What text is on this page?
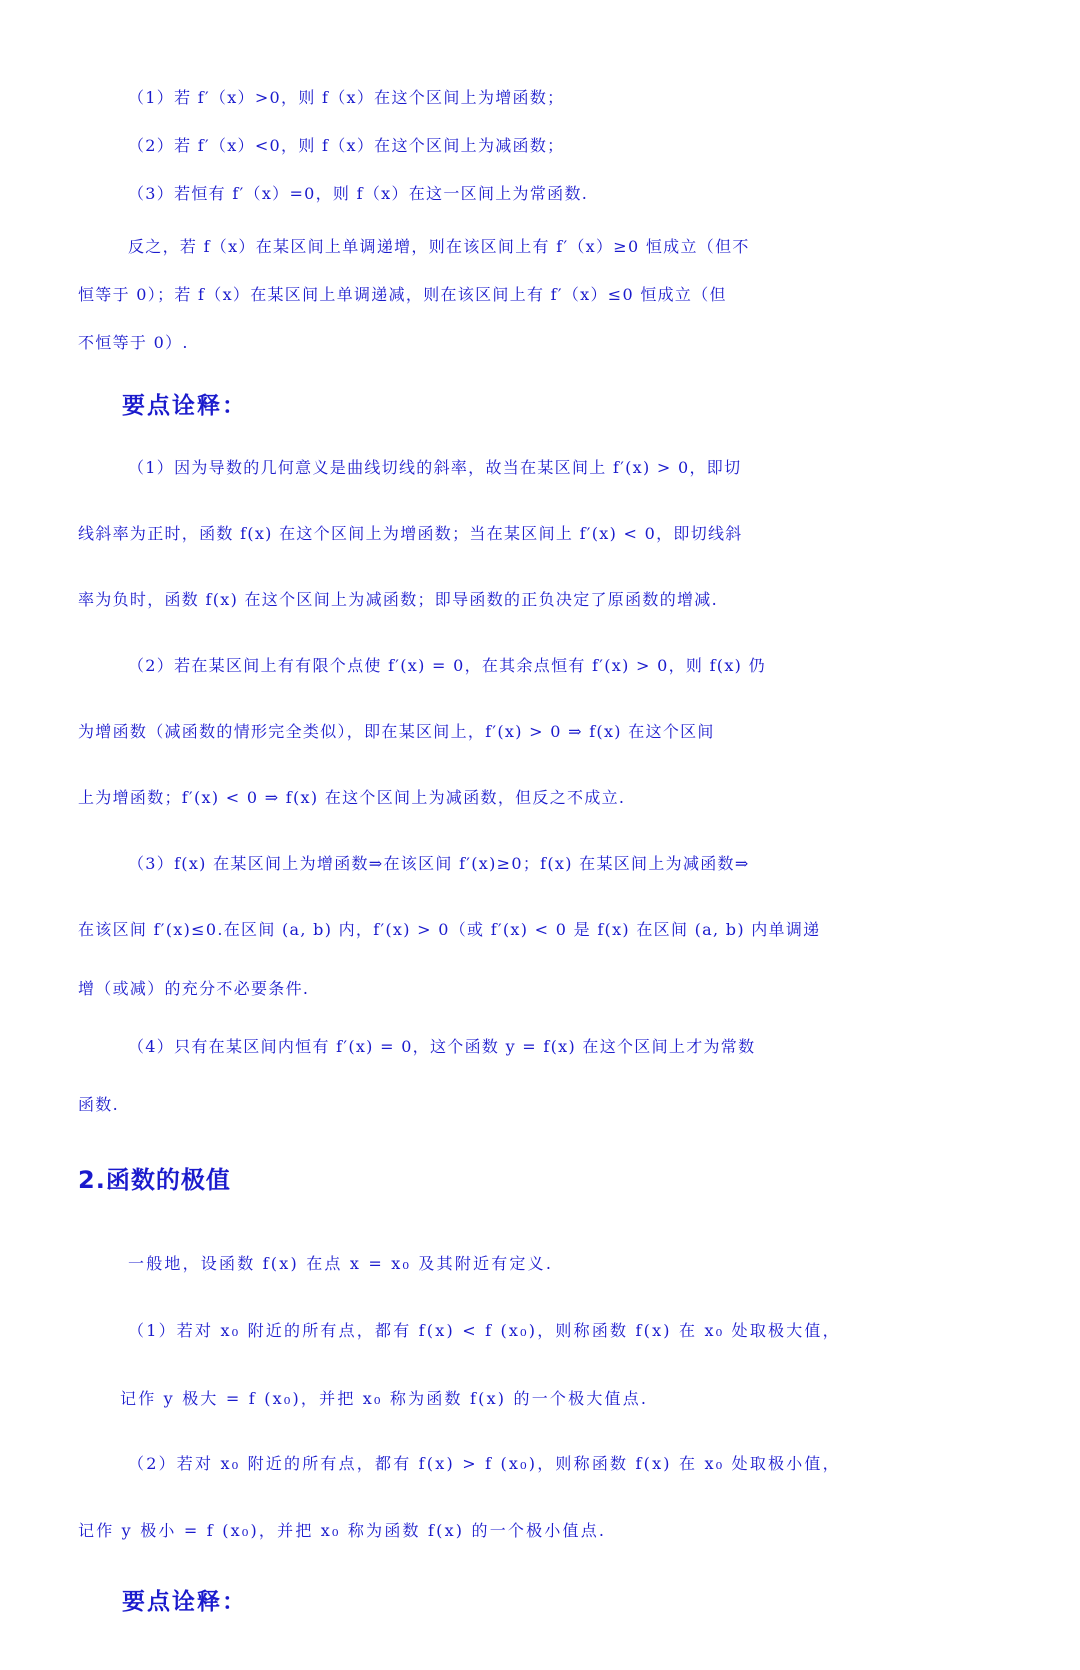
（1）若 f′（x）>0，则 f（x）在这个区间上为增函数；
（2）若 f′（x）<0，则 f（x）在这个区间上为减函数；
（3）若恒有 f′（x）=0，则 f（x）在这一区间上为常函数.
反之，若 f（x）在某区间上单调递增，则在该区间上有 f′（x）≥0 恒成立（但不
恒等于 0）；若 f（x）在某区间上单调递减，则在该区间上有 f′（x）≤0 恒成立（但
不恒等于 0）.
要点诠释：
（1）因为导数的几何意义是曲线切线的斜率，故当在某区间上 f′(x) > 0，即切
线斜率为正时，函数 f(x) 在这个区间上为增函数；当在某区间上 f′(x) < 0，即切线斜
率为负时，函数 f(x) 在这个区间上为减函数；即导函数的正负决定了原函数的增减.
（2）若在某区间上有有限个点使 f′(x) = 0，在其余点恒有 f′(x) > 0，则 f(x) 仍
为增函数（减函数的情形完全类似），即在某区间上，f′(x) > 0 ⇒ f(x) 在这个区间
上为增函数；f′(x) < 0 ⇒ f(x) 在这个区间上为减函数，但反之不成立.
（3）f(x) 在某区间上为增函数⇒在该区间 f′(x)≥0；f(x) 在某区间上为减函数⇒
在该区间 f′(x)≤0.在区间 (a, b) 内，f′(x) > 0（或 f′(x) < 0 是 f(x) 在区间 (a, b) 内单调递
增（或减）的充分不必要条件.
（4）只有在某区间内恒有 f′(x) = 0，这个函数 y = f(x) 在这个区间上才为常数
函数.
2.函数的极值
一般地，设函数 f(x) 在点 x = x₀ 及其附近有定义.
（1）若对 x₀ 附近的所有点，都有 f(x) < f (x₀)，则称函数 f(x) 在 x₀ 处取极大值，
记作 y 极大 = f (x₀)，并把 x₀ 称为函数 f(x) 的一个极大值点.
（2）若对 x₀ 附近的所有点，都有 f(x) > f (x₀)，则称函数 f(x) 在 x₀ 处取极小值，
记作 y 极小 = f (x₀)，并把 x₀ 称为函数 f(x) 的一个极小值点.
要点诠释：
